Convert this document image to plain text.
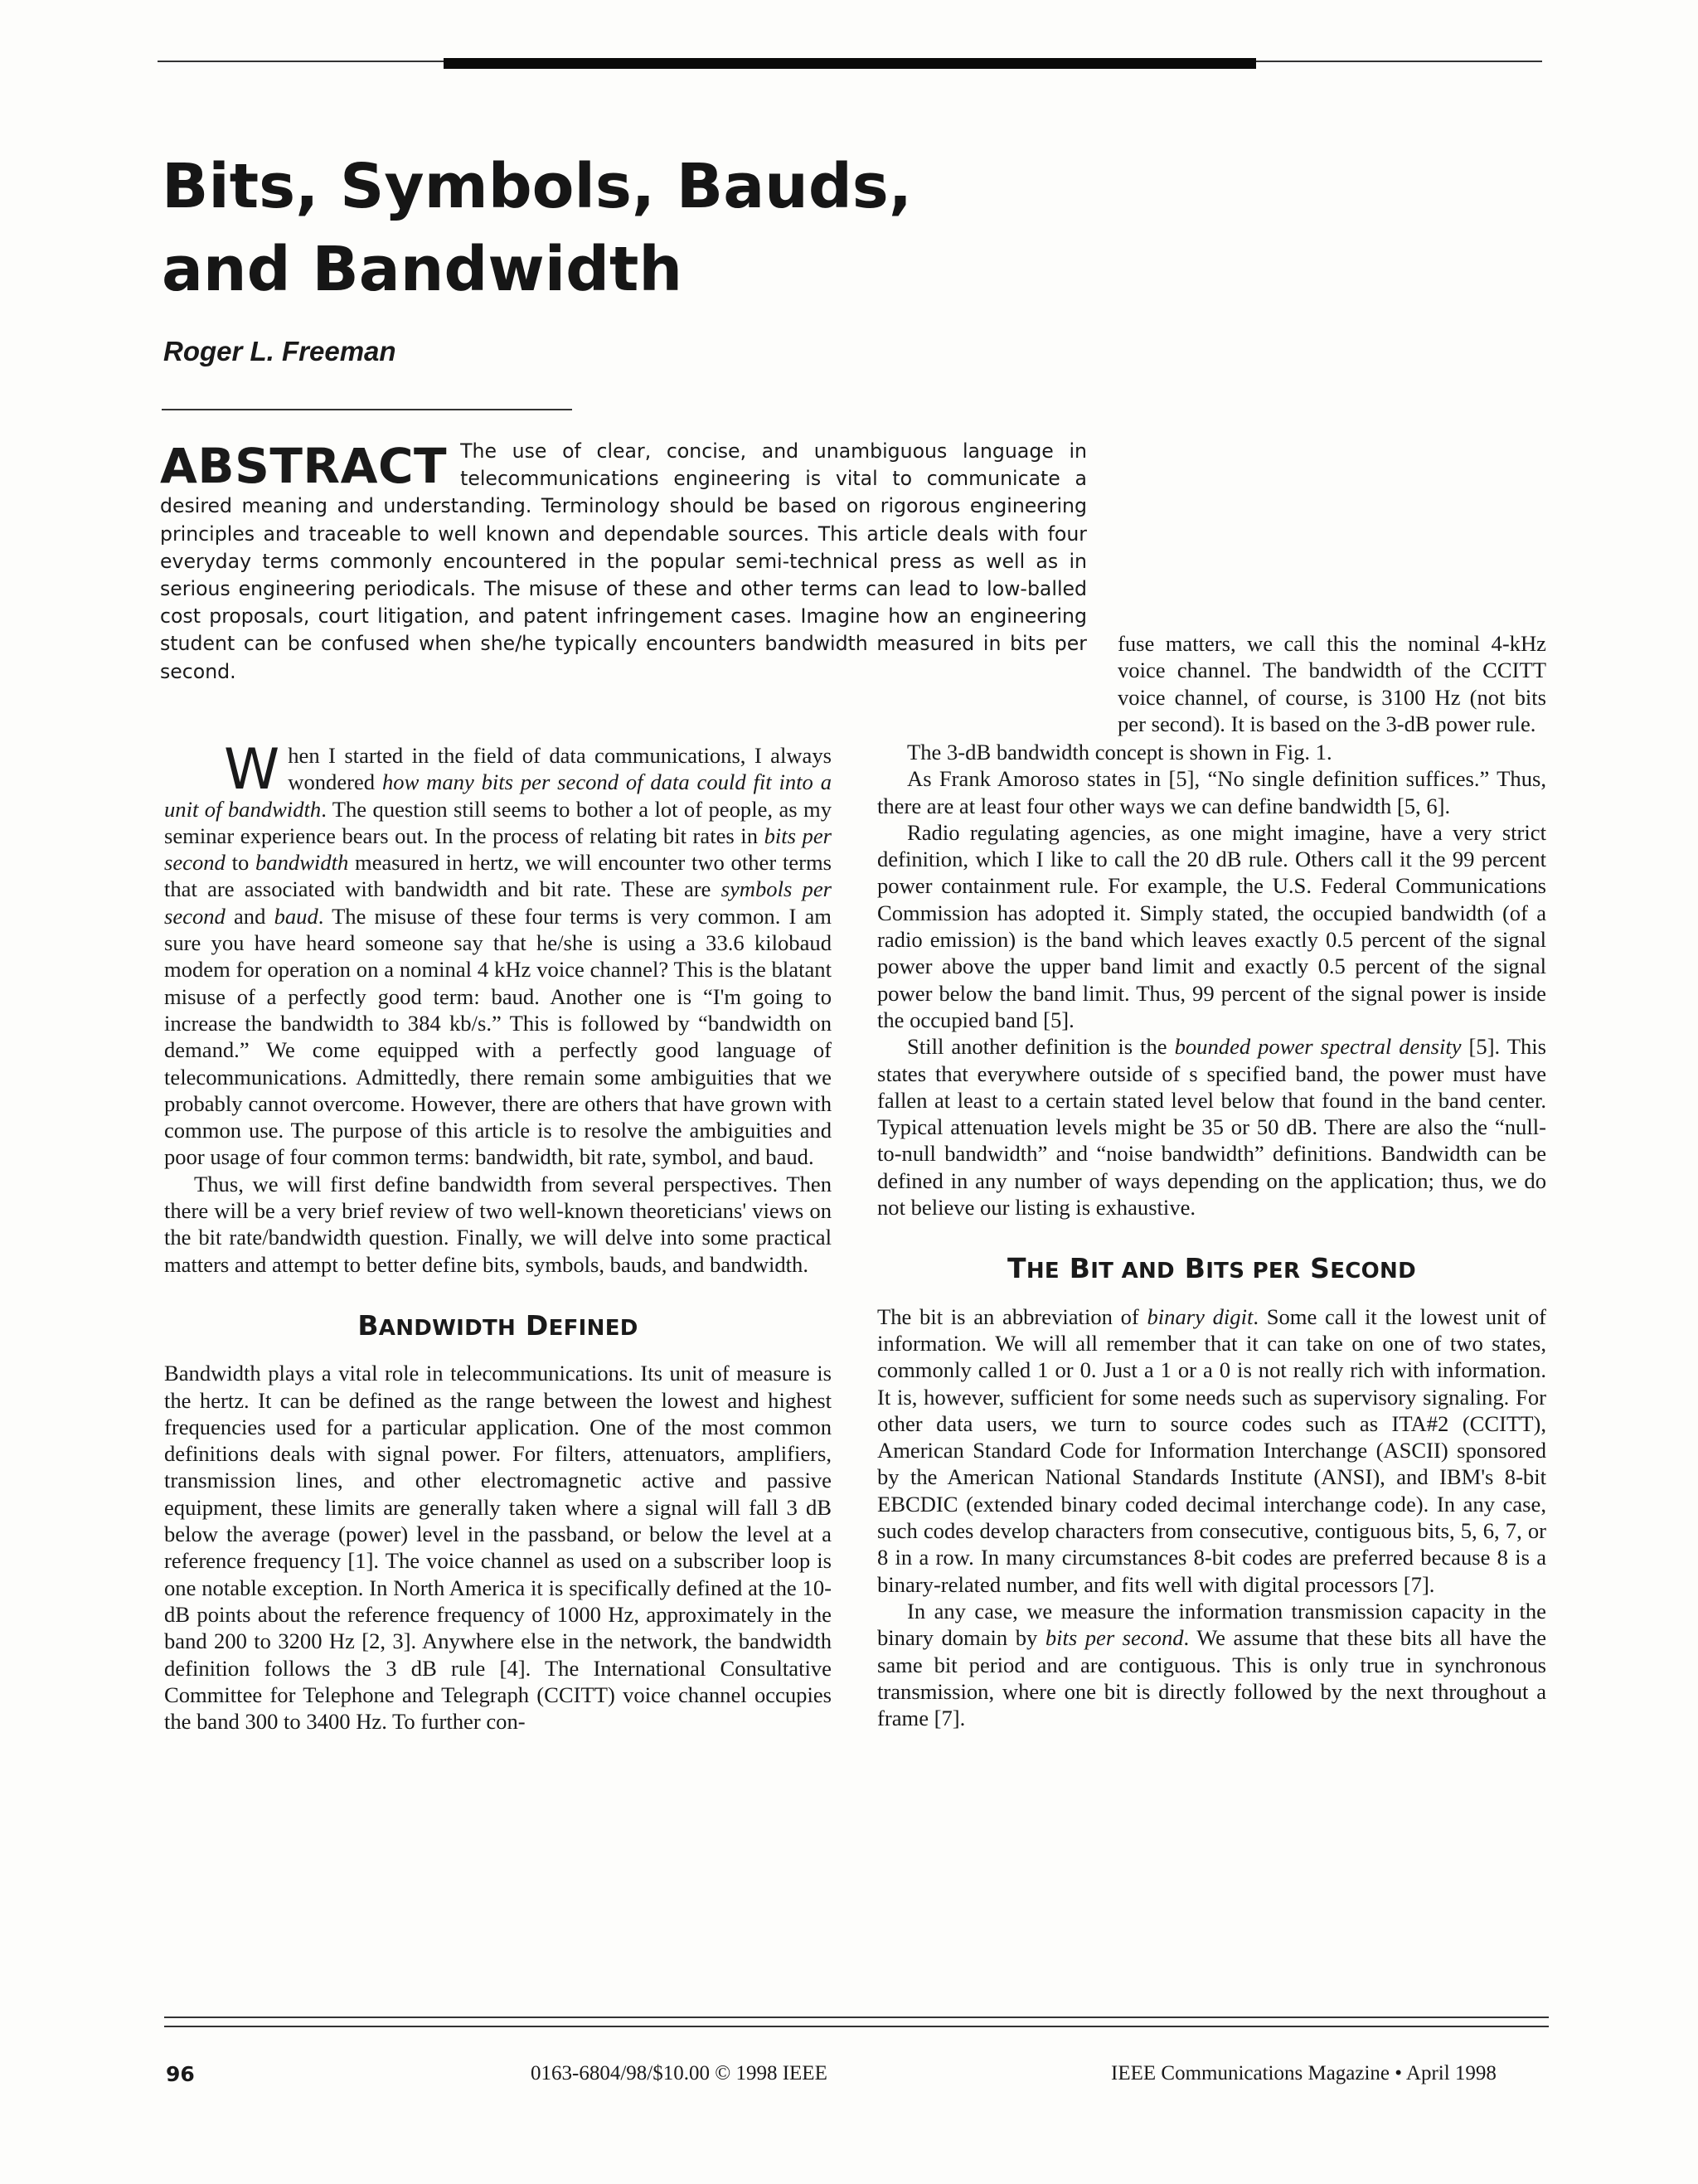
Bits, Symbols, Bauds,
and Bandwidth
Roger L. Freeman

ABSTRACT The use of clear, concise, and unambiguous language in telecommunications engineering is vital to communicate a desired meaning and understanding. Terminology should be based on rigorous engineering principles and traceable to well known and dependable sources. This article deals with four everyday terms commonly encountered in the popular semi-technical press as well as in serious engineering periodicals. The misuse of these and other terms can lead to low-balled cost proposals, court litigation, and patent infringement cases. Imagine how an engineering student can be confused when she/he typically encounters bandwidth measured in bits per second.

fuse matters, we call this the nominal 4-kHz voice channel. The bandwidth of the CCITT voice channel, of course, is 3100 Hz (not bits per second). It is based on the 3-dB power rule.

When I started in the field of data communications, I always wondered how many bits per second of data could fit into a unit of bandwidth. The question still seems to bother a lot of people, as my seminar experience bears out. In the process of relating bit rates in bits per second to bandwidth measured in hertz, we will encounter two other terms that are associated with bandwidth and bit rate. These are symbols per second and baud. The misuse of these four terms is very common. I am sure you have heard someone say that he/she is using a 33.6 kilobaud modem for operation on a nominal 4 kHz voice channel? This is the blatant misuse of a perfectly good term: baud. Another one is “I'm going to increase the bandwidth to 384 kb/s.” This is followed by “bandwidth on demand.” We come equipped with a perfectly good language of telecommunications. Admittedly, there remain some ambiguities that we probably cannot overcome. However, there are others that have grown with common use. The purpose of this article is to resolve the ambiguities and poor usage of four common terms: bandwidth, bit rate, symbol, and baud.

Thus, we will first define bandwidth from several perspectives. Then there will be a very brief review of two well-known theoreticians' views on the bit rate/bandwidth question. Finally, we will delve into some practical matters and attempt to better define bits, symbols, bauds, and bandwidth.

BANDWIDTH DEFINED

Bandwidth plays a vital role in telecommunications. Its unit of measure is the hertz. It can be defined as the range between the lowest and highest frequencies used for a particular application. One of the most common definitions deals with signal power. For filters, attenuators, amplifiers, transmission lines, and other electromagnetic active and passive equipment, these limits are generally taken where a signal will fall 3 dB below the average (power) level in the passband, or below the level at a reference frequency [1]. The voice channel as used on a subscriber loop is one notable exception. In North America it is specifically defined at the 10-dB points about the reference frequency of 1000 Hz, approximately in the band 200 to 3200 Hz [2, 3]. Anywhere else in the network, the bandwidth definition follows the 3 dB rule [4]. The International Consultative Committee for Telephone and Telegraph (CCITT) voice channel occupies the band 300 to 3400 Hz. To further con-

The 3-dB bandwidth concept is shown in Fig. 1.

As Frank Amoroso states in [5], “No single definition suffices.” Thus, there are at least four other ways we can define bandwidth [5, 6].

Radio regulating agencies, as one might imagine, have a very strict definition, which I like to call the 20 dB rule. Others call it the 99 percent power containment rule. For example, the U.S. Federal Communications Commission has adopted it. Simply stated, the occupied bandwidth (of a radio emission) is the band which leaves exactly 0.5 percent of the signal power above the upper band limit and exactly 0.5 percent of the signal power below the band limit. Thus, 99 percent of the signal power is inside the occupied band [5].

Still another definition is the bounded power spectral density [5]. This states that everywhere outside of s specified band, the power must have fallen at least to a certain stated level below that found in the band center. Typical attenuation levels might be 35 or 50 dB. There are also the “null-to-null bandwidth” and “noise bandwidth” definitions. Bandwidth can be defined in any number of ways depending on the application; thus, we do not believe our listing is exhaustive.

THE BIT AND BITS PER SECOND

The bit is an abbreviation of binary digit. Some call it the lowest unit of information. We will all remember that it can take on one of two states, commonly called 1 or 0. Just a 1 or a 0 is not really rich with information. It is, however, sufficient for some needs such as supervisory signaling. For other data users, we turn to source codes such as ITA#2 (CCITT), American Standard Code for Information Interchange (ASCII) sponsored by the American National Standards Institute (ANSI), and IBM's 8-bit EBCDIC (extended binary coded decimal interchange code). In any case, such codes develop characters from consecutive, contiguous bits, 5, 6, 7, or 8 in a row. In many circumstances 8-bit codes are preferred because 8 is a binary-related number, and fits well with digital processors [7].

In any case, we measure the information transmission capacity in the binary domain by bits per second. We assume that these bits all have the same bit period and are contiguous. This is only true in synchronous transmission, where one bit is directly followed by the next throughout a frame [7].

96	0163-6804/98/$10.00 © 1998 IEEE	IEEE Communications Magazine • April 1998
